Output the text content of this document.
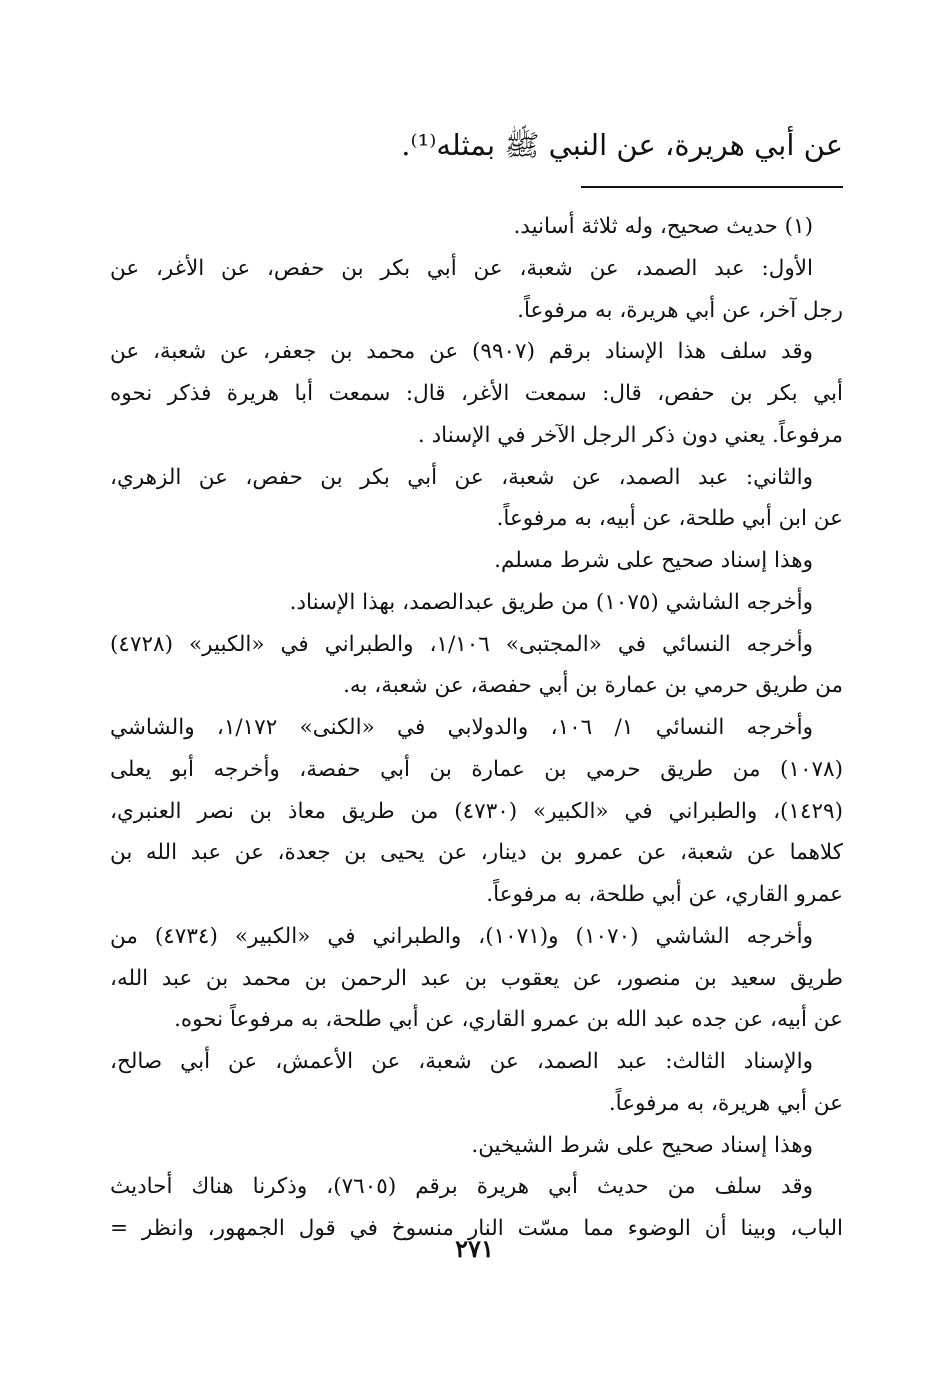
عن أبي هريرة، عن النبي ﷺ بمثله⁽¹⁾.
(١) حديث صحيح، وله ثلاثة أسانيد.
الأول: عبد الصمد، عن شعبة، عن أبي بكر بن حفص، عن الأغر، عن
رجل آخر، عن أبي هريرة، به مرفوعاً.
وقد سلف هذا الإسناد برقم (٩٩٠٧) عن محمد بن جعفر، عن شعبة، عن
أبي بكر بن حفص، قال: سمعت الأغر، قال: سمعت أبا هريرة فذكر نحوه
مرفوعاً. يعني دون ذكر الرجل الآخر في الإسناد .
والثاني: عبد الصمد، عن شعبة، عن أبي بكر بن حفص، عن الزهري،
عن ابن أبي طلحة، عن أبيه، به مرفوعاً.
وهذا إسناد صحيح على شرط مسلم.
وأخرجه الشاشي (١٠٧٥) من طريق عبدالصمد، بهذا الإسناد.
وأخرجه النسائي في «المجتبى» ١/١٠٦، والطبراني في «الكبير» (٤٧٢٨)
من طريق حرمي بن عمارة بن أبي حفصة، عن شعبة، به.
وأخرجه النسائي ١/ ١٠٦، والدولابي في «الكنى» ١/١٧٢، والشاشي
(١٠٧٨) من طريق حرمي بن عمارة بن أبي حفصة، وأخرجه أبو يعلى
(١٤٢٩)، والطبراني في «الكبير» (٤٧٣٠) من طريق معاذ بن نصر العنبري،
كلاهما عن شعبة، عن عمرو بن دينار، عن يحيى بن جعدة، عن عبد الله بن
عمرو القاري، عن أبي طلحة، به مرفوعاً.
وأخرجه الشاشي (١٠٧٠) و(١٠٧١)، والطبراني في «الكبير» (٤٧٣٤) من
طريق سعيد بن منصور، عن يعقوب بن عبد الرحمن بن محمد بن عبد الله،
عن أبيه، عن جده عبد الله بن عمرو القاري، عن أبي طلحة، به مرفوعاً نحوه.
والإسناد الثالث: عبد الصمد، عن شعبة، عن الأعمش، عن أبي صالح،
عن أبي هريرة، به مرفوعاً.
وهذا إسناد صحيح على شرط الشيخين.
وقد سلف من حديث أبي هريرة برقم (٧٦٠٥)، وذكرنا هناك أحاديث
الباب، وبينا أن الوضوء مما مسّت النار منسوخ في قول الجمهور، وانظر =
٢٧١
